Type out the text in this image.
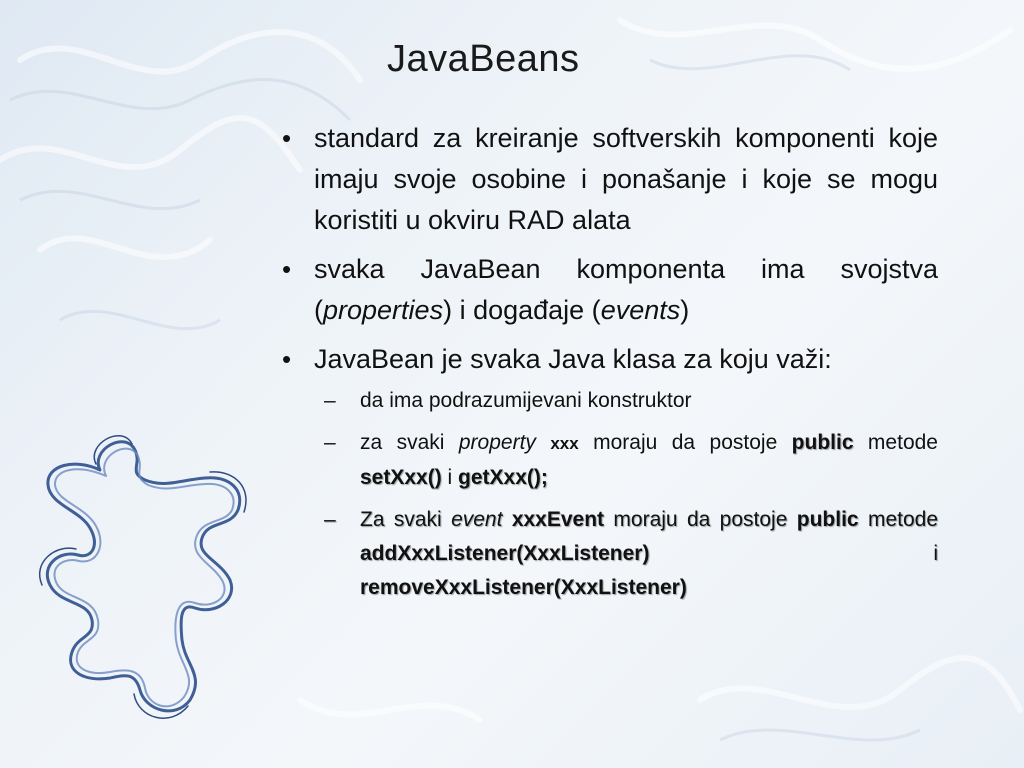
JavaBeans
• standard za kreiranje softverskih komponenti koje imaju svoje osobine i ponašanje i koje se mogu koristiti u okviru RAD alata
• svaka JavaBean komponenta ima svojstva (properties) i događaje (events)
• JavaBean je svaka Java klasa za koju važi:
– da ima podrazumijevani konstruktor
– za svaki property xxx moraju da postoje public metode setXxx() i getXxx();
– Za svaki event xxxEvent moraju da postoje public metode addXxxListener(XxxListener) i removeXxxListener(XxxListener)
